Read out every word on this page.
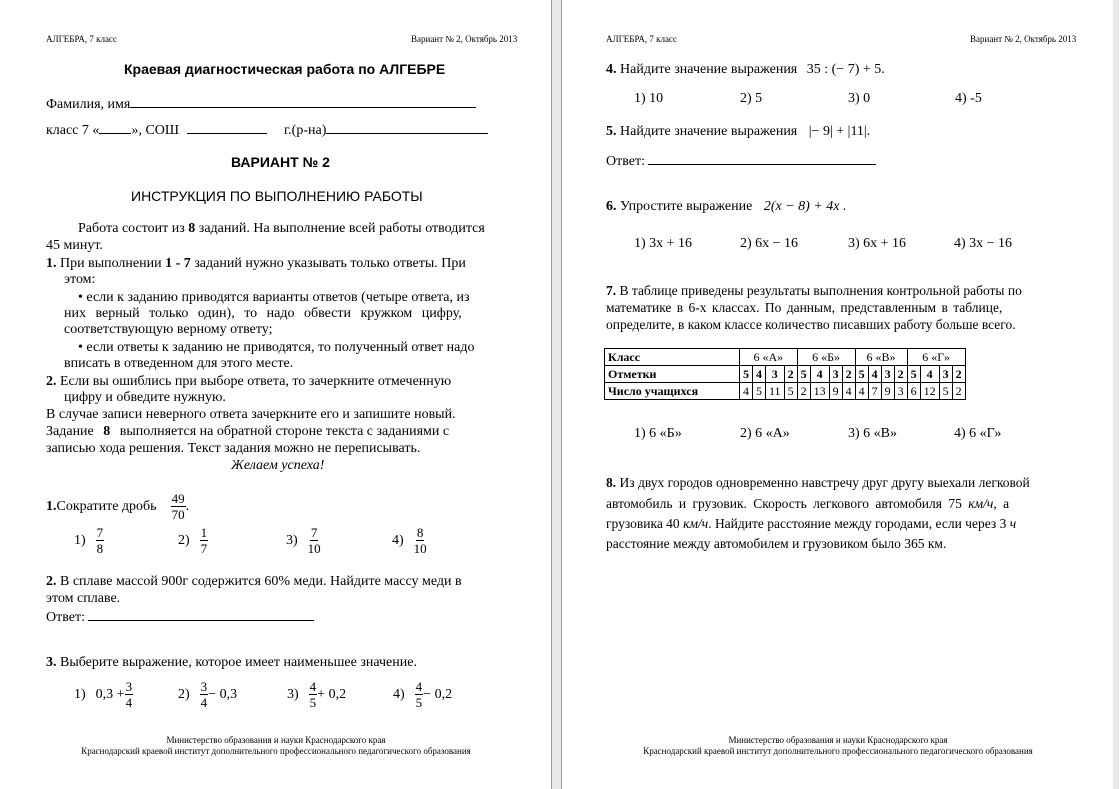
АЛГЕБРА, 7 класс	Вариант № 2, Октябрь 2013
Краевая диагностическая работа по АЛГЕБРЕ
Фамилия, имя
класс 7 « », СОШ	г.(р-на)
ВАРИАНТ № 2
ИНСТРУКЦИЯ ПО ВЫПОЛНЕНИЮ РАБОТЫ
Работа состоит из 8 заданий. На выполнение всей работы отводится
45 минут.
1. При выполнении 1 - 7 заданий нужно указывать только ответы. При
этом:
• если к заданию приводятся варианты ответов (четыре ответа, из
них верный только один), то надо обвести кружком цифру,
соответствующую верному ответу;
• если ответы к заданию не приводятся, то полученный ответ надо
вписать в отведенном для этого месте.
2. Если вы ошиблись при выборе ответа, то зачеркните отмеченную
цифру и обведите нужную.
В случае записи неверного ответа зачеркните его и запишите новый.
Задание 8 выполняется на обратной стороне текста с заданиями с
записью хода решения. Текст задания можно не переписывать.
Желаем успеха!
1. Сократите дробь $\frac{49}{70}$ .
$1) \frac{7}{8}$	$2) \frac{1}{7}$	$3) \frac{7}{10}$	$4) \frac{8}{10}$
2. В сплаве массой 900г содержится 60% меди. Найдите массу меди в
этом сплаве.
Ответ:
3. Выберите выражение, которое имеет наименьшее значение.
1) $0,3 + \frac{3}{4}$	$2) \frac{3}{4} - 0,3$	$3) \frac{4}{5} + 0,2$	$4) \frac{4}{5} - 0,2$
Министерство образования и науки Краснодарского края
Краснодарский краевой институт дополнительного профессионального педагогического образования
АЛГЕБРА, 7 класс	Вариант № 2, Октябрь 2013
4. Найдите значение выражения 35 : (− 7) + 5.
1) 10	2) 5	3) 0	4) -5
5. Найдите значение выражения |− 9| + |11|.
Ответ:
6. Упростите выражение 2(x − 8) + 4x .
1) 3x + 16	2) 6x − 16	3) 6x + 16	4) 3x − 16
7. В таблице приведены результаты выполнения контрольной работы по
математике в 6-х классах. По данным, представленным в таблице,
определите, в каком классе количество писавших работу больше всего.
Класс	6 «А»				6 «Б»				6 «В»				6 «Г»			
Отметки	5	4	3	2	5	4	3	2	5	4	3	2	5	4	3	2
Число учащихся	4	5	11	5	2	13	9	4	4	7	9	3	6	12	5	2
1) 6 «Б»	2) 6 «А»	3) 6 «В»	4) 6 «Г»
8. Из двух городов одновременно навстречу друг другу выехали легковой
автомобиль и грузовик. Скорость легкового автомобиля 75 км/ч, а
грузовика 40 км/ч. Найдите расстояние между городами, если через 3 ч
расстояние между автомобилем и грузовиком было 365 км.
Министерство образования и науки Краснодарского края
Краснодарский краевой институт дополнительного профессионального педагогического образования
